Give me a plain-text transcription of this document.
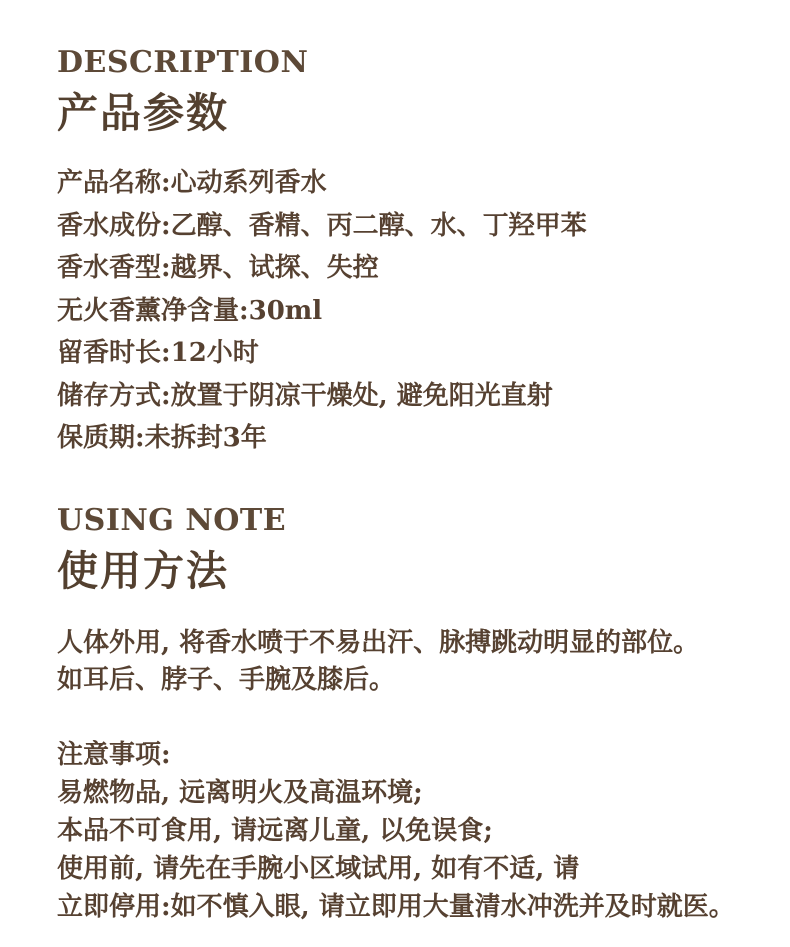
DESCRIPTION
产品参数
产品名称:心动系列香水
香水成份:乙醇、香精、丙二醇、水、丁羟甲苯
香水香型:越界、试探、失控
无火香薰净含量:30ml
留香时长:12小时
储存方式:放置于阴凉干燥处, 避免阳光直射
保质期:未拆封3年
USING NOTE
使用方法
人体外用, 将香水喷于不易出汗、脉搏跳动明显的部位。
如耳后、脖子、手腕及膝后。
注意事项:
易燃物品, 远离明火及高温环境;
本品不可食用, 请远离儿童, 以免误食;
使用前, 请先在手腕小区域试用, 如有不适, 请
立即停用:如不慎入眼, 请立即用大量清水冲洗并及时就医。
